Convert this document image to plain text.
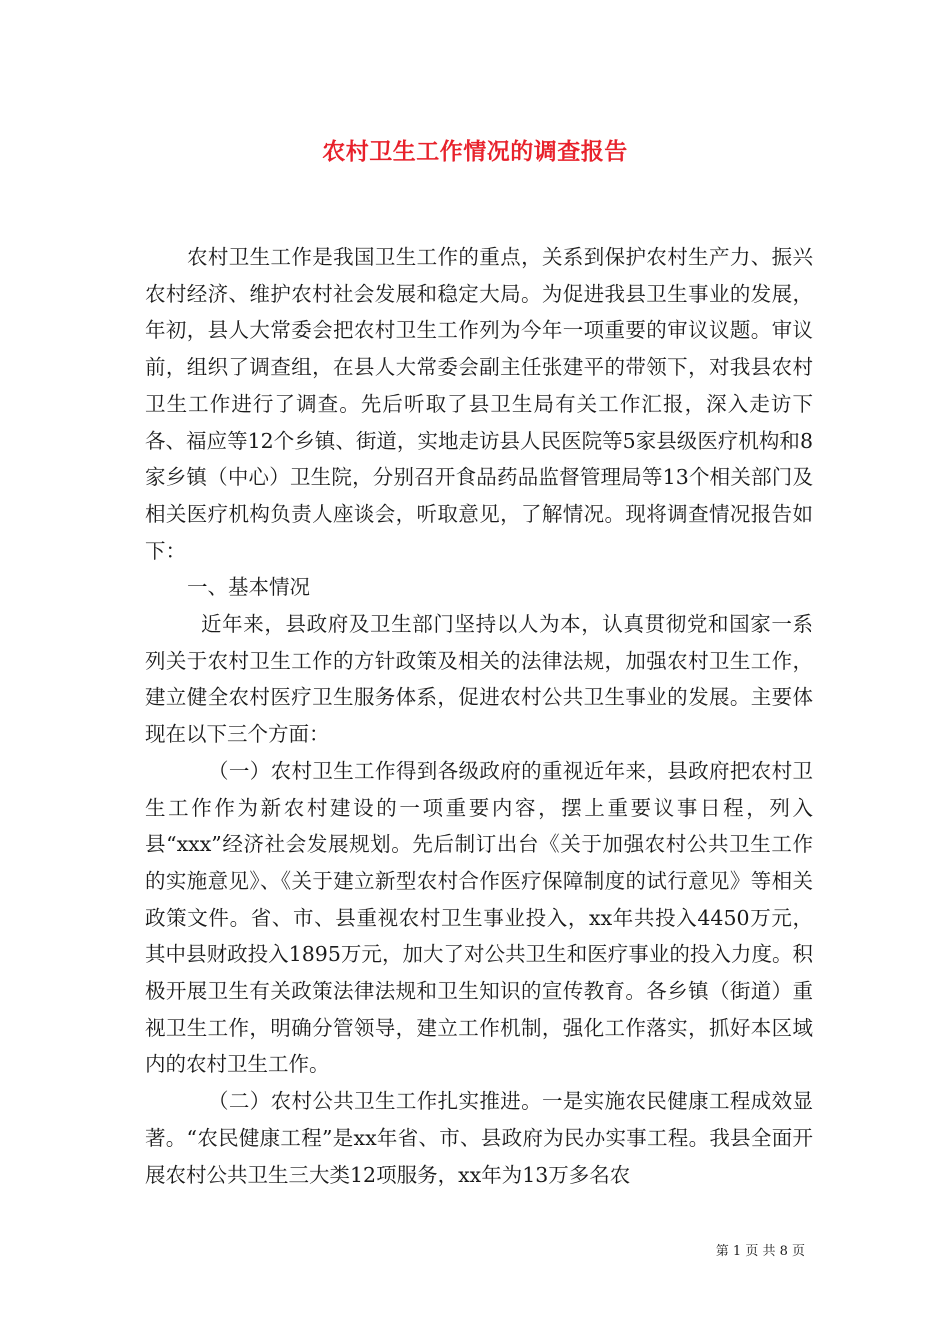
农村卫生工作情况的调查报告

农村卫生工作是我国卫生工作的重点，关系到保护农村生产力、振兴农村经济、维护农村社会发展和稳定大局。为促进我县卫生事业的发展，年初，县人大常委会把农村卫生工作列为今年一项重要的审议议题。审议前，组织了调查组，在县人大常委会副主任张建平的带领下，对我县农村卫生工作进行了调查。先后听取了县卫生局有关工作汇报，深入走访下各、福应等12个乡镇、街道，实地走访县人民医院等5家县级医疗机构和8家乡镇（中心）卫生院，分别召开食品药品监督管理局等13个相关部门及相关医疗机构负责人座谈会，听取意见，了解情况。现将调查情况报告如下：

一、基本情况

近年来，县政府及卫生部门坚持以人为本，认真贯彻党和国家一系列关于农村卫生工作的方针政策及相关的法律法规，加强农村卫生工作，建立健全农村医疗卫生服务体系，促进农村公共卫生事业的发展。主要体现在以下三个方面：

（一）农村卫生工作得到各级政府的重视近年来，县政府把农村卫生工作作为新农村建设的一项重要内容，摆上重要议事日程，列入县“xxx”经济社会发展规划。先后制订出台《关于加强农村公共卫生工作的实施意见》、《关于建立新型农村合作医疗保障制度的试行意见》等相关政策文件。省、市、县重视农村卫生事业投入，xx年共投入4450万元，其中县财政投入1895万元，加大了对公共卫生和医疗事业的投入力度。积极开展卫生有关政策法律法规和卫生知识的宣传教育。各乡镇（街道）重视卫生工作，明确分管领导，建立工作机制，强化工作落实，抓好本区域内的农村卫生工作。

（二）农村公共卫生工作扎实推进。一是实施农民健康工程成效显著。“农民健康工程”是xx年省、市、县政府为民办实事工程。我县全面开展农村公共卫生三大类12项服务，xx年为13万多名农

第 1 页 共 8 页
